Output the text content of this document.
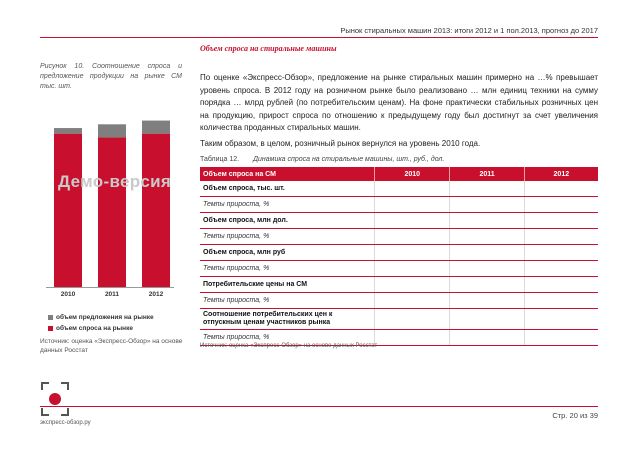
Рынок стиральных машин 2013: итоги 2012 и 1 пол.2013, прогноз до 2017
Объем спроса на стиральные машины
Рисунок 10. Соотношение спроса и предложение продукции на рынке СМ тыс. шт.
2010	2011	2012
Демо-версия
объем предложения на рынке
объем спроса на рынке
Источник: оценка «Экспресс-Обзор» на основе данных Росстат

По оценке «Экспресс-Обзор», предложение на рынке стиральных машин примерно на …% превышает уровень спроса. В 2012 году на розничном рынке было реализовано … млн единиц техники на сумму порядка … млрд рублей (по потребительским ценам). На фоне практически стабильных розничных цен на продукцию, прирост спроса по отношению к предыдущему году был достигнут за счет увеличения количества проданных стиральных машин.

Таким образом, в целом, розничный рынок вернулся на уровень 2010 года.

Таблица 12. Динамика спроса на стиральные машины, шт., руб., дол.
Объем спроса на СМ	2010	2011	2012
Объем спроса, тыс. шт.			
Темпы прироста, %			
Объем спроса, млн дол.			
Темпы прироста, %			
Объем спроса, млн руб			
Темпы прироста, %			
Потребительские цены на СМ			
Темпы прироста, %			
Соотношение потребительских цен к отпускным ценам участников рынка			
Темпы прироста, %			
Источник: оценка «Экспресс-Обзор» на основе данных Росстат
экспресс-обзор.ру
Стр. 20 из 39
